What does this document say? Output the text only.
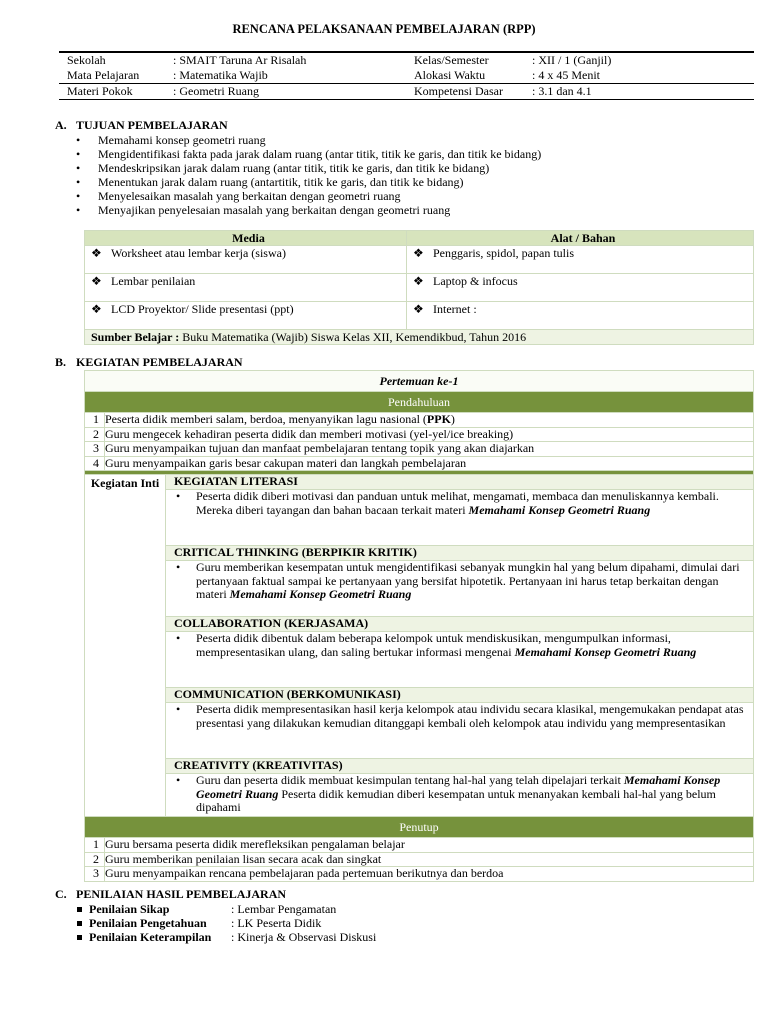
RENCANA PELAKSANAAN PEMBELAJARAN (RPP)
Sekolah	: SMAIT Taruna Ar Risalah	Kelas/Semester	: XII / 1 (Ganjil)
Mata Pelajaran	: Matematika Wajib	Alokasi Waktu	: 4 x 45 Menit
Materi Pokok	: Geometri Ruang	Kompetensi Dasar	: 3.1 dan 4.1
A. TUJUAN PEMBELAJARAN
• Memahami konsep geometri ruang
• Mengidentifikasi fakta pada jarak dalam ruang (antar titik, titik ke garis, dan titik ke bidang)
• Mendeskripsikan jarak dalam ruang (antar titik, titik ke garis, dan titik ke bidang)
• Menentukan jarak dalam ruang (antartitik, titik ke garis, dan titik ke bidang)
• Menyelesaikan masalah yang berkaitan dengan geometri ruang
• Menyajikan penyelesaian masalah yang berkaitan dengan geometri ruang
Media	Alat / Bahan
❖ Worksheet atau lembar kerja (siswa)	❖ Penggaris, spidol, papan tulis
❖ Lembar penilaian	❖ Laptop & infocus
❖ LCD Proyektor/ Slide presentasi (ppt)	❖ Internet :
Sumber Belajar : Buku Matematika (Wajib) Siswa Kelas XII, Kemendikbud, Tahun 2016	
B. KEGIATAN PEMBELAJARAN
Pertemuan ke-1		
Pendahuluan		
1	Peserta didik memberi salam, berdoa, menyanyikan lagu nasional (PPK)	
2	Guru mengecek kehadiran peserta didik dan memberi motivasi (yel-yel/ice breaking)	
3	Guru menyampaikan tujuan dan manfaat pembelajaran tentang topik yang akan diajarkan	
4	Guru menyampaikan garis besar cakupan materi dan langkah pembelajaran	

Kegiatan Inti		KEGIATAN LITERASI
		• Peserta didik diberi motivasi dan panduan untuk melihat, mengamati, membaca dan menuliskannya kembali. Mereka diberi tayangan dan bahan bacaan terkait materi Memahami Konsep Geometri Ruang
		CRITICAL THINKING (BERPIKIR KRITIK)
		• Guru memberikan kesempatan untuk mengidentifikasi sebanyak mungkin hal yang belum dipahami, dimulai dari pertanyaan faktual sampai ke pertanyaan yang bersifat hipotetik. Pertanyaan ini harus tetap berkaitan dengan materi Memahami Konsep Geometri Ruang
		COLLABORATION (KERJASAMA)
		• Peserta didik dibentuk dalam beberapa kelompok untuk mendiskusikan, mengumpulkan informasi, mempresentasikan ulang, dan saling bertukar informasi mengenai Memahami Konsep Geometri Ruang
		COMMUNICATION (BERKOMUNIKASI)
		• Peserta didik mempresentasikan hasil kerja kelompok atau individu secara klasikal, mengemukakan pendapat atas presentasi yang dilakukan kemudian ditanggapi kembali oleh kelompok atau individu yang mempresentasikan
		CREATIVITY (KREATIVITAS)
		• Guru dan peserta didik membuat kesimpulan tentang hal-hal yang telah dipelajari terkait Memahami Konsep Geometri Ruang Peserta didik kemudian diberi kesempatan untuk menanyakan kembali hal-hal yang belum dipahami
Penutup		
1	Guru bersama peserta didik merefleksikan pengalaman belajar	
2	Guru memberikan penilaian lisan secara acak dan singkat	
3	Guru menyampaikan rencana pembelajaran pada pertemuan berikutnya dan berdoa	
C. PENILAIAN HASIL PEMBELAJARAN
Penilaian Sikap	: Lembar Pengamatan
Penilaian Pengetahuan : LK Peserta Didik
Penilaian Keterampilan : Kinerja & Observasi Diskusi
